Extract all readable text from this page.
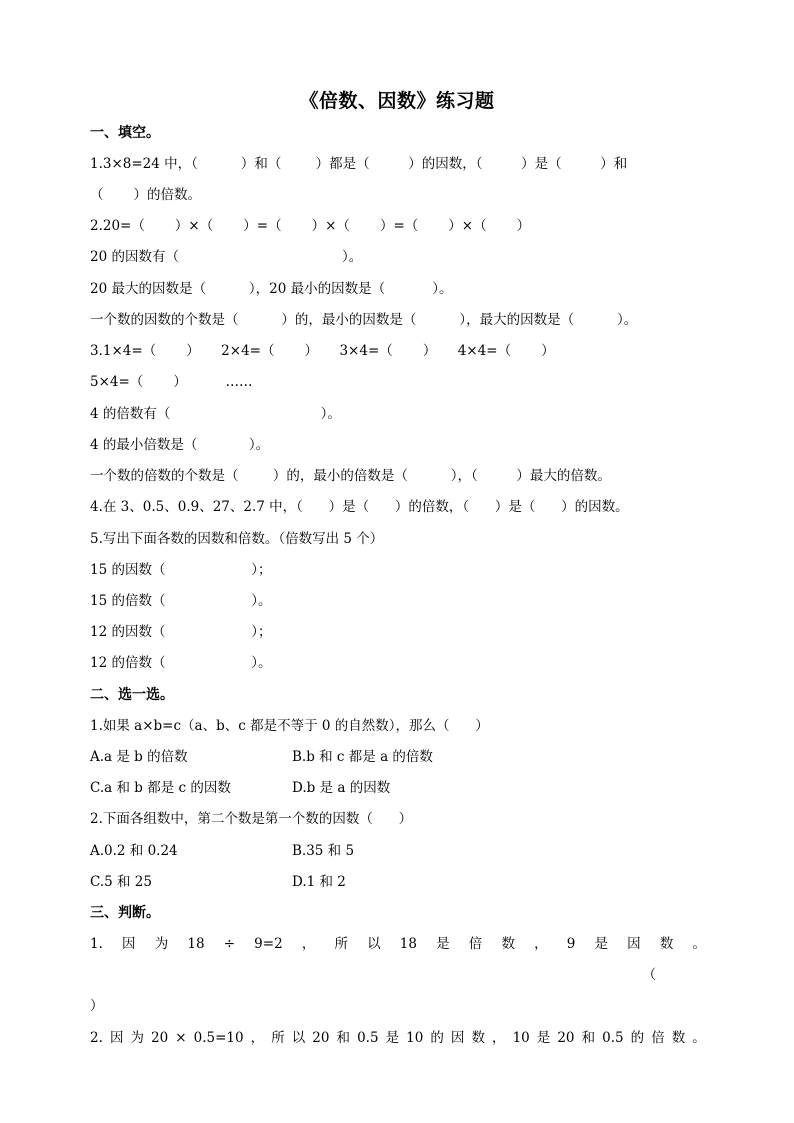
《倍数、因数》练习题
一、填空。
1.3×8=24 中，（          ）和（        ）都是（         ）的因数，（         ）是（         ）和
（       ）的倍数。
2.20=（       ）×（       ）=（       ）×（       ）=（       ）×（       ）
20 的因数有（                                      ）。
20 最大的因数是（          ），20 最小的因数是（           ）。
一个数的因数的个数是（          ）的，最小的因数是（          ），最大的因数是（          ）。
3.1×4=（       ）     2×4=（       ）     3×4=（       ）     4×4=（       ）
5×4=（       ）         ……
4 的倍数有（                                   ）。
4 的最小倍数是（            ）。
一个数的倍数的个数是（        ）的，最小的倍数是（          ），（         ）最大的倍数。
4.在 3、0.5、0.9、27、2.7 中，（      ）是（      ）的倍数，（      ）是（      ）的因数。
5.写出下面各数的因数和倍数。（倍数写出 5 个）
15 的因数（                    ）；
15 的倍数（                    ）。
12 的因数（                    ）；
12 的倍数（                    ）。
二、选一选。
1.如果 a×b=c（a、b、c 都是不等于 0 的自然数），那么（      ）
A.a 是 b 的倍数	B.b 和 c 都是 a 的倍数
C.a 和 b 都是 c 的因数	D.b 是 a 的因数
2.下面各组数中，第二个数是第一个数的因数（      ）
A.0.2 和 0.24	B.35 和 5
C.5 和 25	D.1 和 2
三、判断。
1. 因 为 18 ÷ 9=2 ， 所 以 18 是 倍 数 ， 9 是 因 数 。
（
）
2. 因 为 20 × 0.5=10 ， 所 以 20 和 0.5 是 10 的 因 数 ， 10 是 20 和 0.5 的 倍 数 。
